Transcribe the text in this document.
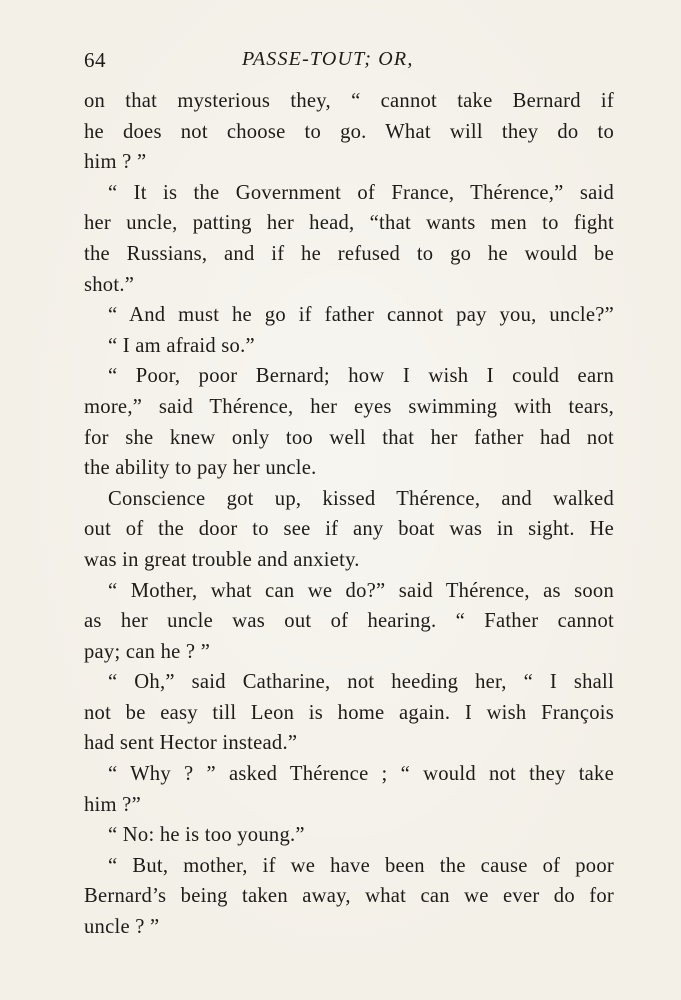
64	PASSE-TOUT; OR,
on that mysterious they, “ cannot take Bernard if
he does not choose to go. What will they do to
him ? ”
“ It is the Government of France, Thérence,” said
her uncle, patting her head, “that wants men to fight
the Russians, and if he refused to go he would be
shot.”
“ And must he go if father cannot pay you, uncle?”
“ I am afraid so.”
“ Poor, poor Bernard; how I wish I could earn
more,” said Thérence, her eyes swimming with tears,
for she knew only too well that her father had not
the ability to pay her uncle.
Conscience got up, kissed Thérence, and walked
out of the door to see if any boat was in sight. He
was in great trouble and anxiety.
“ Mother, what can we do?” said Thérence, as soon
as her uncle was out of hearing. “ Father cannot
pay; can he ? ”
“ Oh,” said Catharine, not heeding her, “ I shall
not be easy till Leon is home again. I wish François
had sent Hector instead.”
“ Why ? ” asked Thérence ; “ would not they take
him ?”
“ No: he is too young.”
“ But, mother, if we have been the cause of poor
Bernard’s being taken away, what can we ever do for
uncle ? ”
